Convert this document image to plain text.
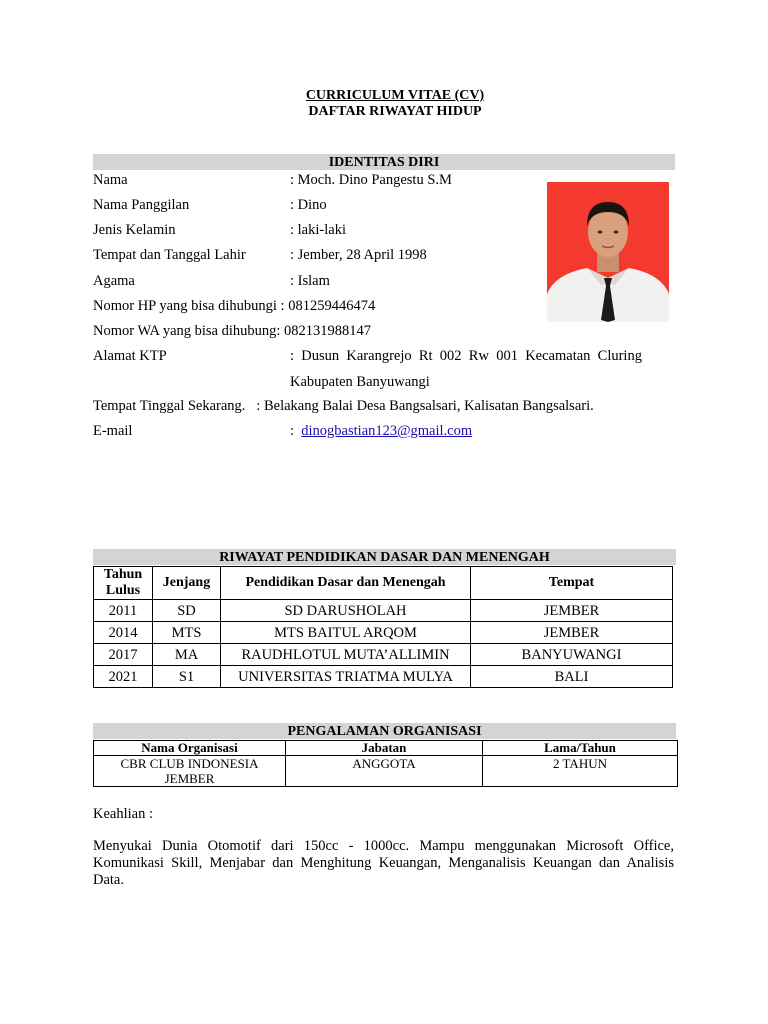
CURRICULUM VITAE (CV)
DAFTAR RIWAYAT HIDUP
IDENTITAS DIRI
Nama	: Moch. Dino Pangestu S.M
Nama Panggilan	: Dino
Jenis Kelamin	: laki-laki
Tempat dan Tanggal Lahir	: Jember, 28 April 1998
Agama	: Islam
Nomor HP yang bisa dihubungi : 081259446474
Nomor WA yang bisa dihubung: 082131988147
Alamat KTP	:  Dusun  Karangrejo  Rt  002  Rw  001  Kecamatan  Cluring
Kabupaten Banyuwangi
Tempat Tinggal Sekarang.   : Belakang Balai Desa Bangsalsari, Kalisatan Bangsalsari.
E-mail	: dinogbastian123@gmail.com
RIWAYAT PENDIDIKAN DASAR DAN MENENGAH
Tahun Lulus	Jenjang	Pendidikan Dasar dan Menengah	Tempat
2011	SD	SD DARUSHOLAH	JEMBER
2014	MTS	MTS BAITUL ARQOM	JEMBER
2017	MA	RAUDHLOTUL MUTA’ALLIMIN	BANYUWANGI
2021	S1	UNIVERSITAS TRIATMA MULYA	BALI
PENGALAMAN ORGANISASI
Nama Organisasi	Jabatan	Lama/Tahun
CBR CLUB INDONESIA JEMBER	ANGGOTA	2 TAHUN
Keahlian :
Menyukai Dunia Otomotif dari 150cc - 1000cc. Mampu menggunakan Microsoft Office, Komunikasi Skill, Menjabar dan Menghitung Keuangan, Menganalisis Keuangan dan Analisis Data.
